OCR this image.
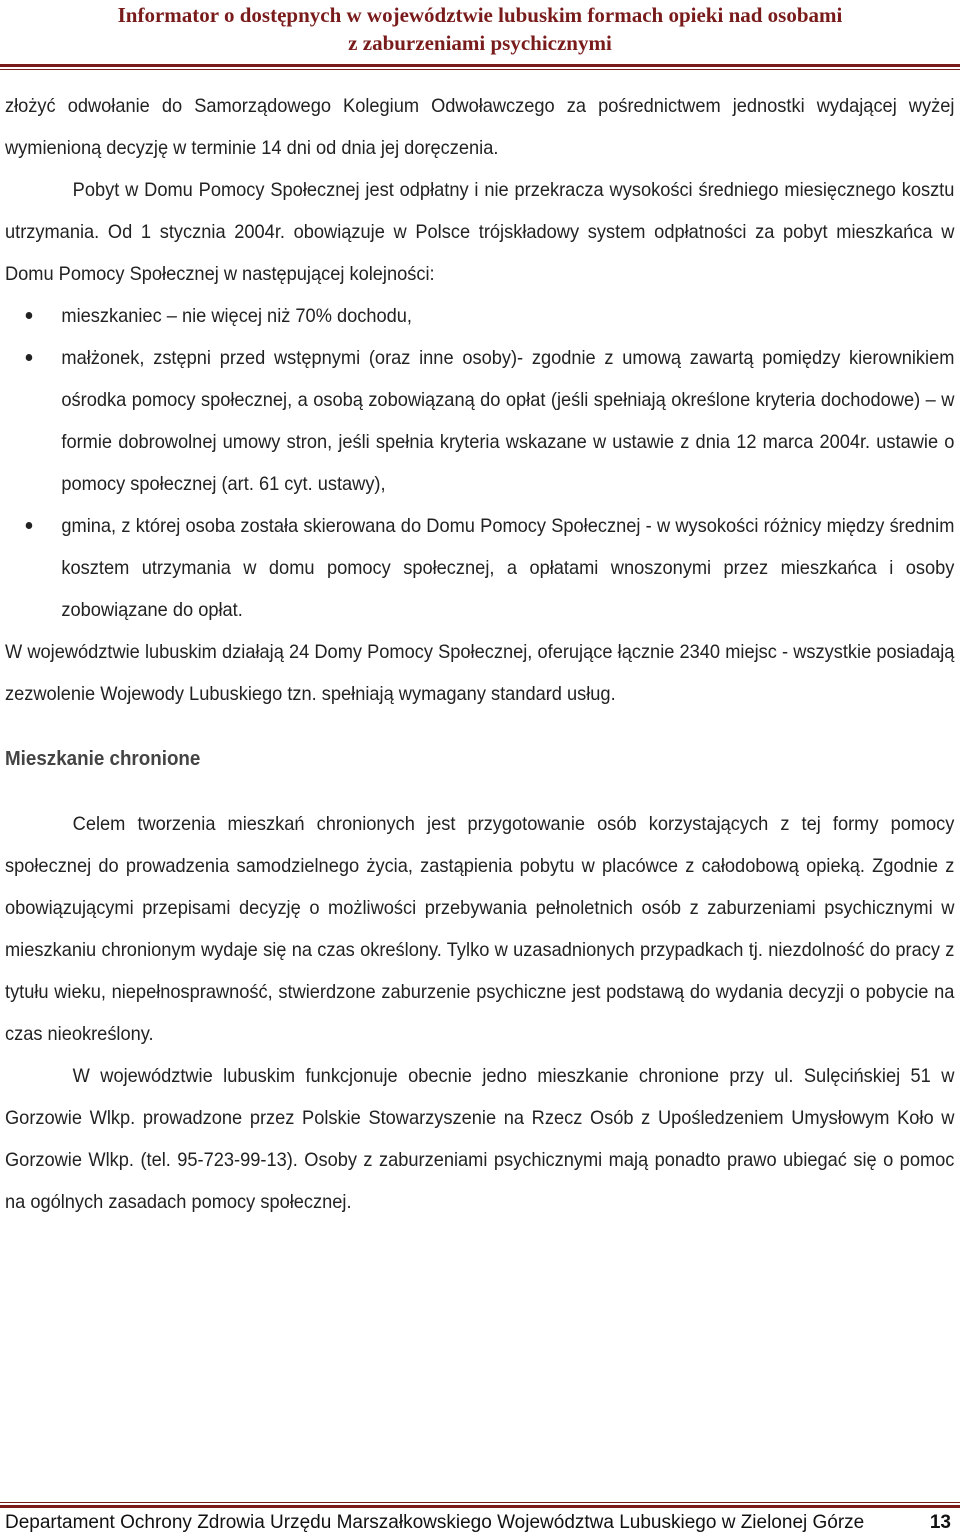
Informator o dostępnych w województwie lubuskim formach opieki nad osobami
z zaburzeniami psychicznymi

złożyć odwołanie do Samorządowego Kolegium Odwoławczego za pośrednictwem jednostki wydającej wyżej wymienioną decyzję w terminie 14 dni od dnia jej doręczenia.

Pobyt w Domu Pomocy Społecznej jest odpłatny i nie przekracza wysokości średniego miesięcznego kosztu utrzymania. Od 1 stycznia 2004r. obowiązuje w Polsce trójskładowy system odpłatności za pobyt mieszkańca w Domu Pomocy Społecznej w następującej kolejności:

mieszkaniec – nie więcej niż 70% dochodu,
małżonek, zstępni przed wstępnymi (oraz inne osoby)- zgodnie z umową zawartą pomiędzy kierownikiem ośrodka pomocy społecznej, a osobą zobowiązaną do opłat (jeśli spełniają określone kryteria dochodowe) – w formie dobrowolnej umowy stron, jeśli spełnia kryteria wskazane w ustawie z dnia 12 marca 2004r. ustawie o pomocy społecznej (art. 61 cyt. ustawy),
gmina, z której osoba została skierowana do Domu Pomocy Społecznej - w wysokości różnicy między średnim kosztem utrzymania w domu pomocy społecznej, a opłatami wnoszonymi przez mieszkańca i osoby zobowiązane do opłat.

W województwie lubuskim działają 24 Domy Pomocy Społecznej, oferujące łącznie 2340 miejsc - wszystkie posiadają zezwolenie Wojewody Lubuskiego tzn. spełniają wymagany standard usług.

Mieszkanie chronione

Celem tworzenia mieszkań chronionych jest przygotowanie osób korzystających z tej formy pomocy społecznej do prowadzenia samodzielnego życia, zastąpienia pobytu w placówce z całodobową opieką. Zgodnie z obowiązującymi przepisami decyzję o możliwości przebywania pełnoletnich osób z zaburzeniami psychicznymi w mieszkaniu chronionym wydaje się na czas określony. Tylko w uzasadnionych przypadkach tj. niezdolność do pracy z tytułu wieku, niepełnosprawność, stwierdzone zaburzenie psychiczne jest podstawą do wydania decyzji o pobycie na czas nieokreślony.

W województwie lubuskim funkcjonuje obecnie jedno mieszkanie chronione przy ul. Sulęcińskiej 51 w Gorzowie Wlkp. prowadzone przez Polskie Stowarzyszenie na Rzecz Osób z Upośledzeniem Umysłowym Koło w Gorzowie Wlkp. (tel. 95-723-99-13). Osoby z zaburzeniami psychicznymi mają ponadto prawo ubiegać się o pomoc na ogólnych zasadach pomocy społecznej.

Departament Ochrony Zdrowia Urzędu Marszałkowskiego Województwa Lubuskiego w Zielonej Górze	13
